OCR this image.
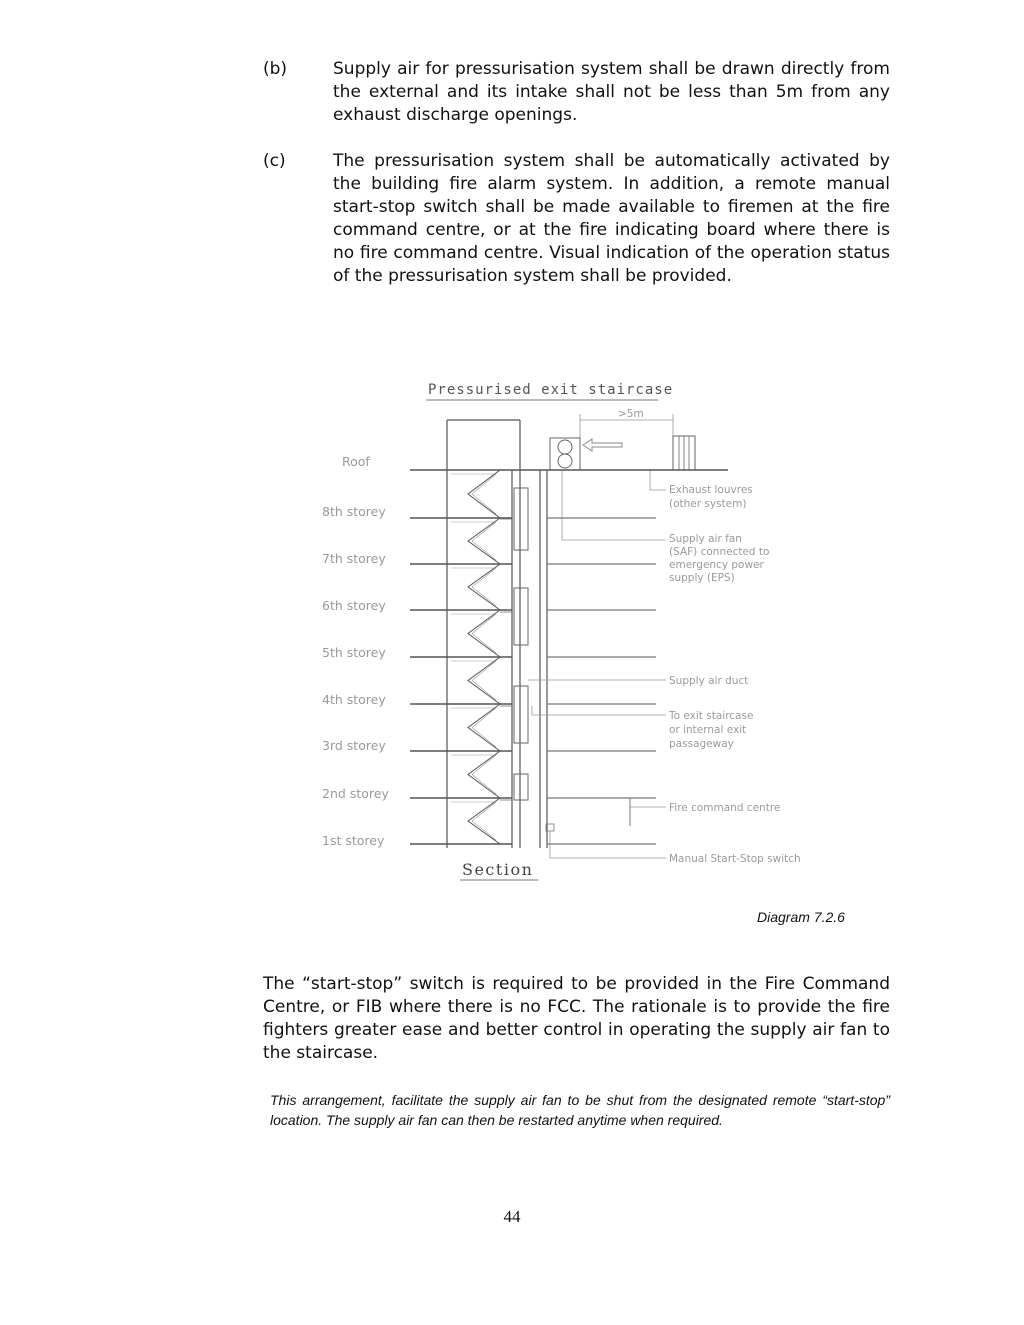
(b)	Supply air for pressurisation system shall be drawn directly from the external and its intake shall not be less than 5m from any exhaust discharge openings.
(c)	The pressurisation system shall be automatically activated by the building fire alarm system. In addition, a remote manual start-stop switch shall be made available to firemen at the fire command centre, or at the fire indicating board where there is no fire command centre. Visual indication of the operation status of the pressurisation system shall be provided.
Pressurised exit staircase
>5m
Roof
8th storey
7th storey
6th storey
5th storey
4th storey
3rd storey
2nd storey
1st storey
Exhaust louvres
(other system)
Supply air fan
(SAF) connected to
emergency power
supply (EPS)
Supply air duct
To exit staircase
or internal exit
passageway
Fire command centre
Manual Start-Stop switch
Section
Diagram 7.2.6
The “start-stop” switch is required to be provided in the Fire Command Centre, or FIB where there is no FCC. The rationale is to provide the fire fighters greater ease and better control in operating the supply air fan to the staircase.
This arrangement, facilitate the supply air fan to be shut from the designated remote “start-stop” location. The supply air fan can then be restarted anytime when required.
44
